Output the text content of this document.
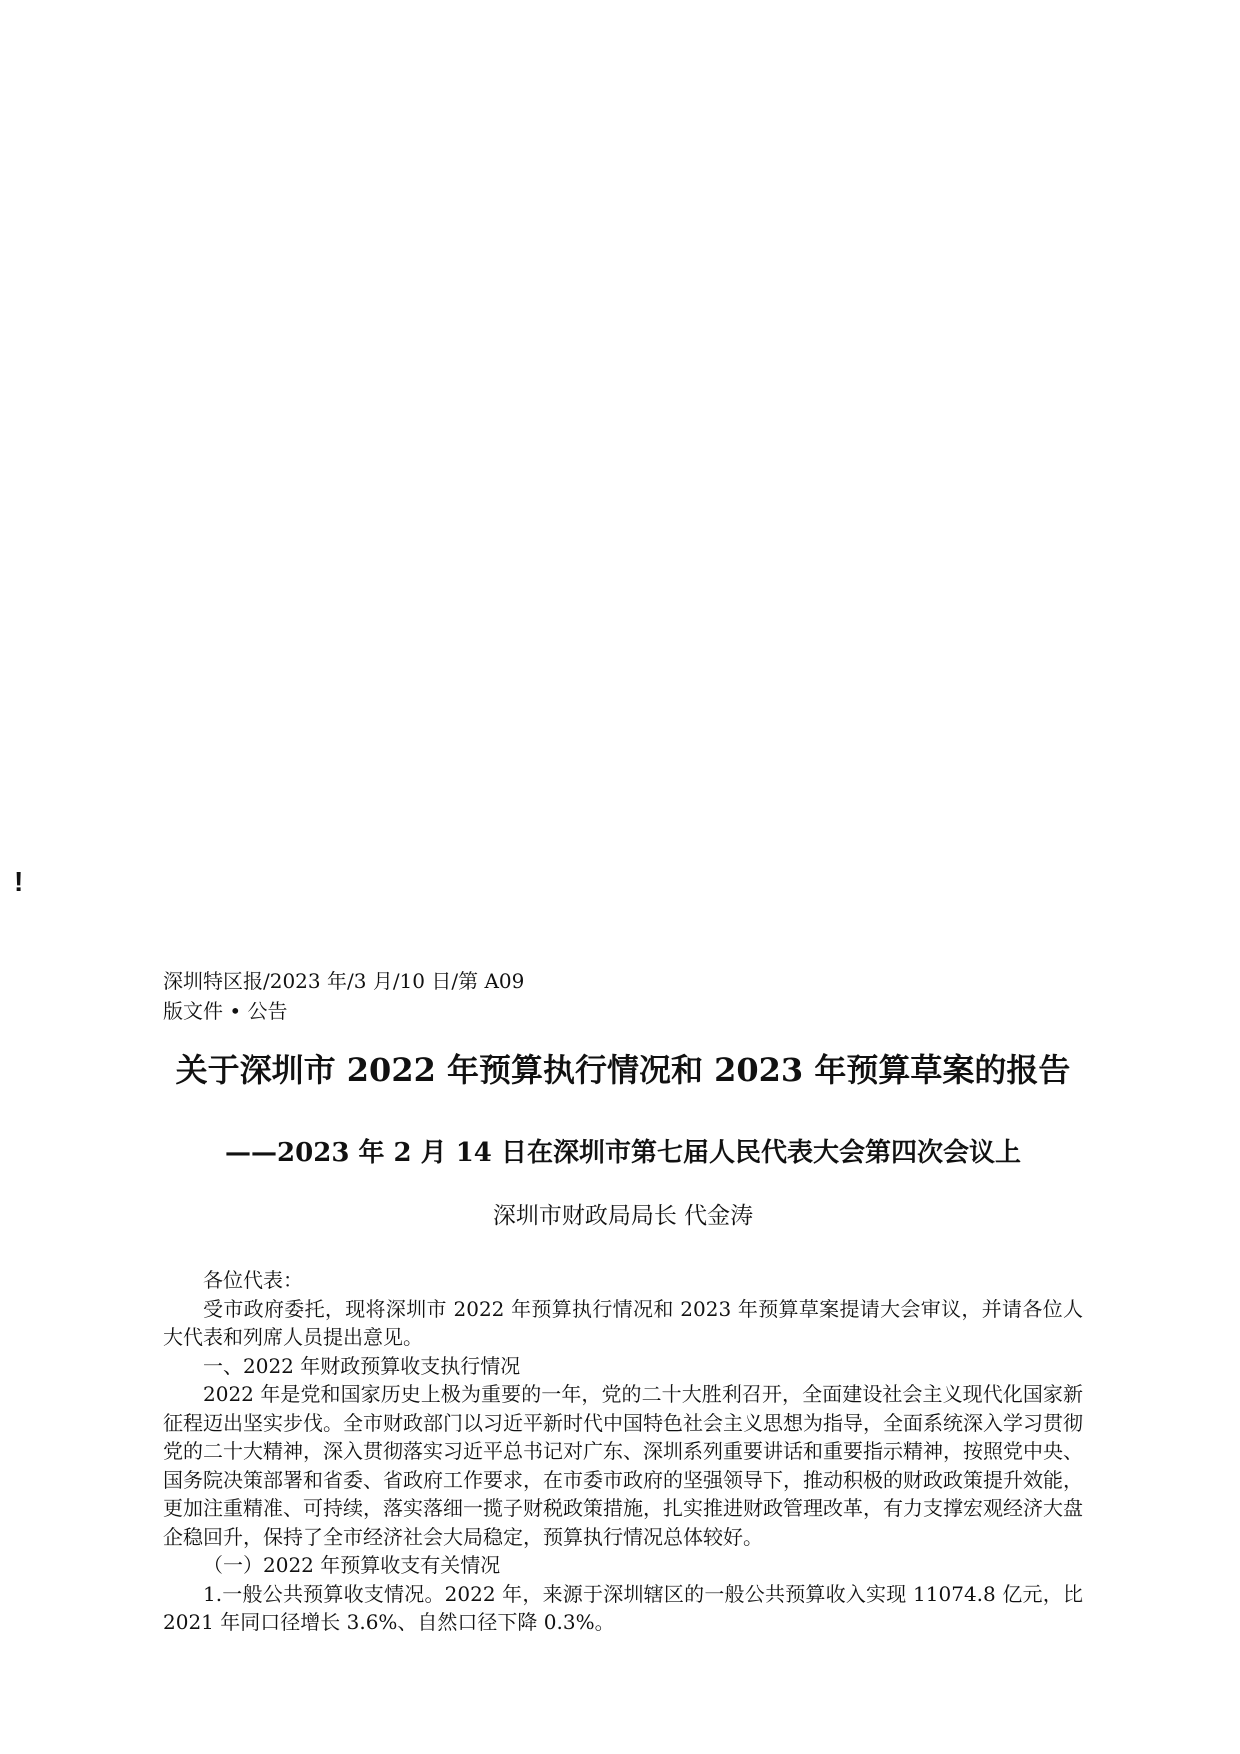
!
深圳特区报/2023 年/3 月/10 日/第 A09 版文件 • 公告
关于深圳市 2022 年预算执行情况和 2023 年预算草案的报告
——2023 年 2 月 14 日在深圳市第七届人民代表大会第四次会议上
深圳市财政局局长 代金涛

各位代表：

受市政府委托，现将深圳市 2022 年预算执行情况和 2023 年预算草案提请大会审议，并请各位人大代表和列席人员提出意见。

一、2022 年财政预算收支执行情况

2022 年是党和国家历史上极为重要的一年，党的二十大胜利召开，全面建设社会主义现代化国家新征程迈出坚实步伐。全市财政部门以习近平新时代中国特色社会主义思想为指导，全面系统深入学习贯彻党的二十大精神，深入贯彻落实习近平总书记对广东、深圳系列重要讲话和重要指示精神，按照党中央、国务院决策部署和省委、省政府工作要求，在市委市政府的坚强领导下，推动积极的财政政策提升效能，更加注重精准、可持续，落实落细一揽子财税政策措施，扎实推进财政管理改革，有力支撑宏观经济大盘企稳回升，保持了全市经济社会大局稳定，预算执行情况总体较好。

（一）2022 年预算收支有关情况

1.一般公共预算收支情况。2022 年，来源于深圳辖区的一般公共预算收入实现 11074.8 亿元，比 2021 年同口径增长 3.6%、自然口径下降 0.3%。
